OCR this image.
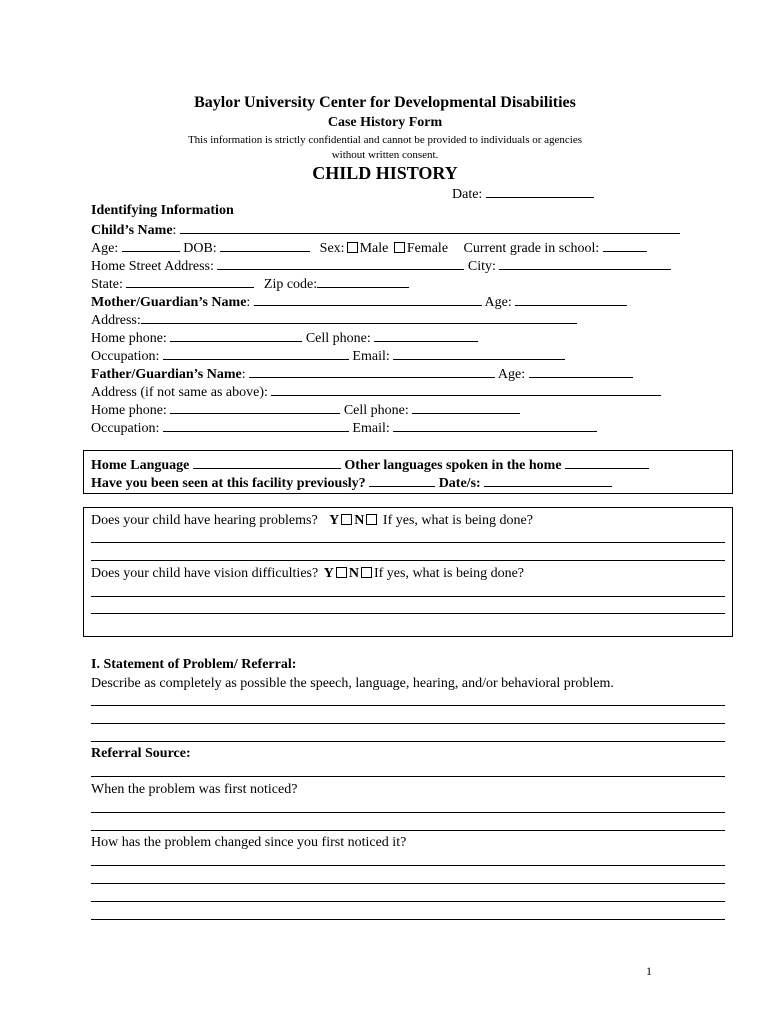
Baylor University Center for Developmental Disabilities
Case History Form
This information is strictly confidential and cannot be provided to individuals or agencies
without written consent.
CHILD HISTORY
Date:
Identifying Information
Child’s Name:
Age:	DOB:	Sex: Male Female Current grade in school:
Home Street Address:	City:
State:	Zip code:
Mother/Guardian’s Name:	Age:
Address:
Home phone:	Cell phone:
Occupation:	Email:
Father/Guardian’s Name:	Age:
Address (if not same as above):
Home phone:	Cell phone:
Occupation:	Email:
Home Language	Other languages spoken in the home
Have you been seen at this facility previously?	Date/s:
Does your child have hearing problems? Y N If yes, what is being done?
Does your child have vision difficulties? Y N If yes, what is being done?
I. Statement of Problem/ Referral:
Describe as completely as possible the speech, language, hearing, and/or behavioral problem.
Referral Source:
When the problem was first noticed?
How has the problem changed since you first noticed it?
1
